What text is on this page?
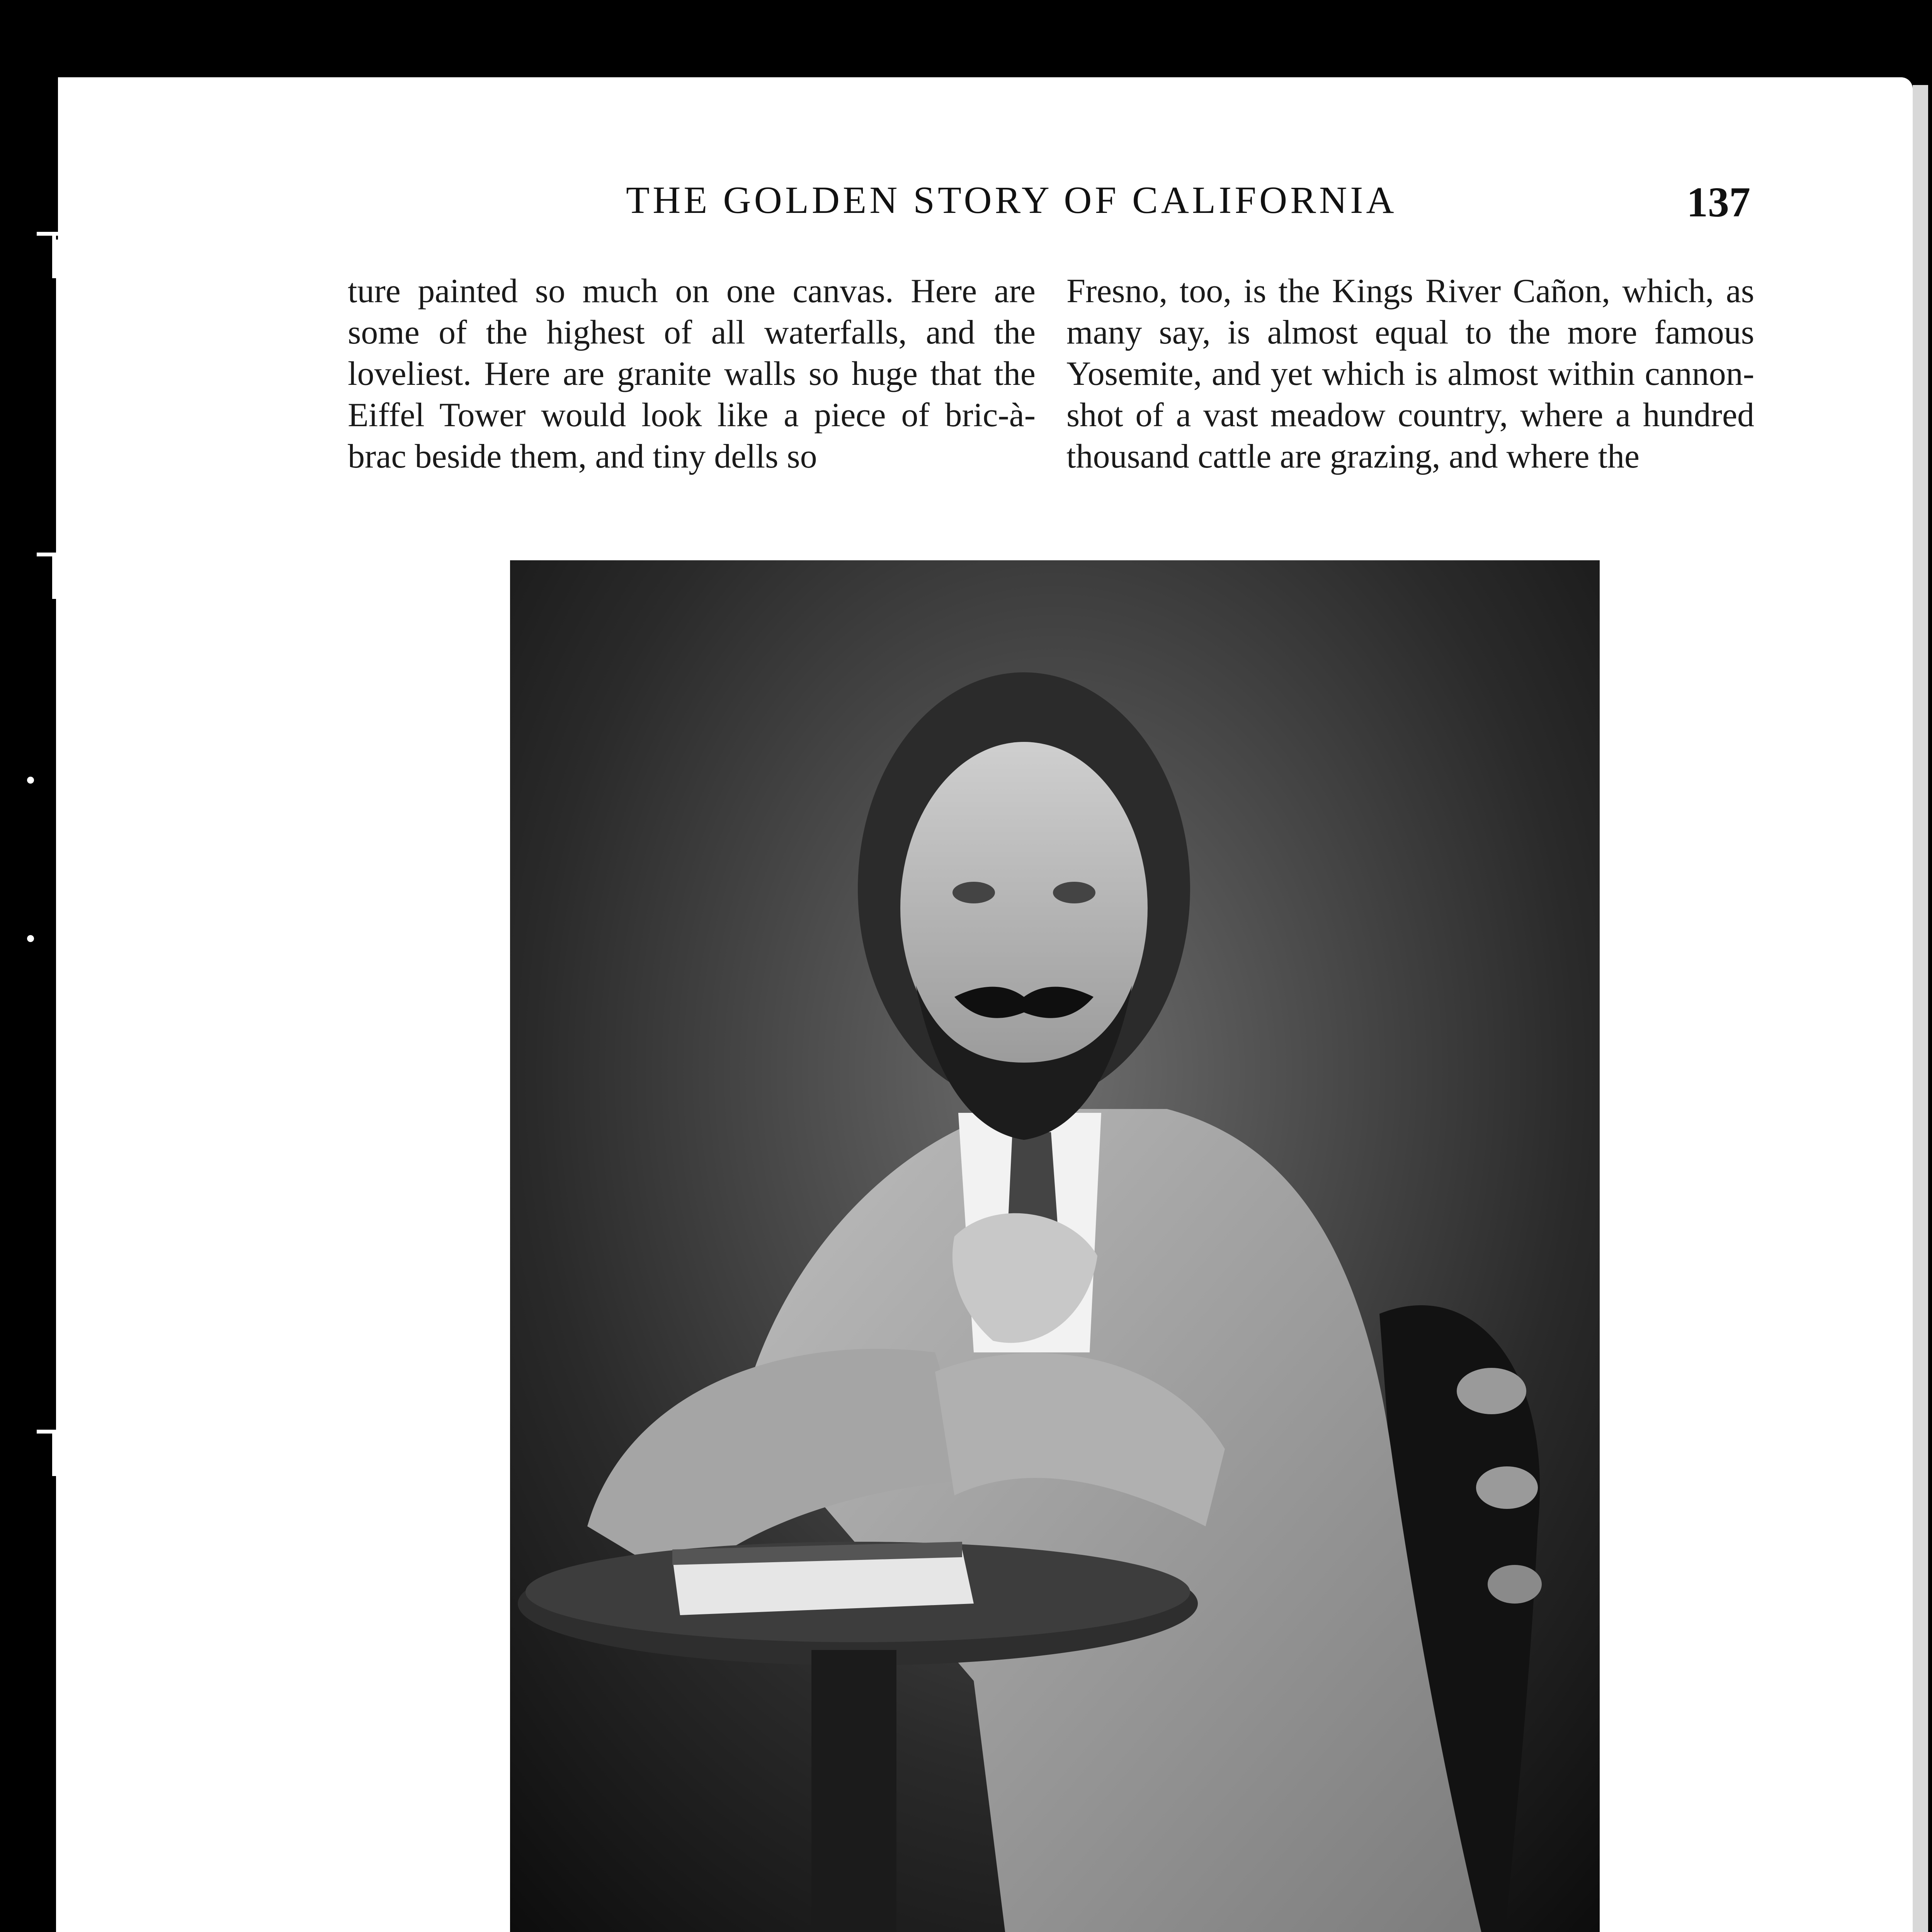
THE GOLDEN STORY OF CALIFORNIA	137

ture painted so much on one canvas. Here are some of the highest of all waterfalls, and the loveliest. Here are granite walls so huge that the Eiffel Tower would look like a piece of bric-à-brac beside them, and tiny dells so

Fresno, too, is the Kings River Cañon, which, as many say, is almost equal to the more famous Yosemite, and yet which is almost within cannon-shot of a vast meadow country, where a hundred thousand cattle are grazing, and where the
